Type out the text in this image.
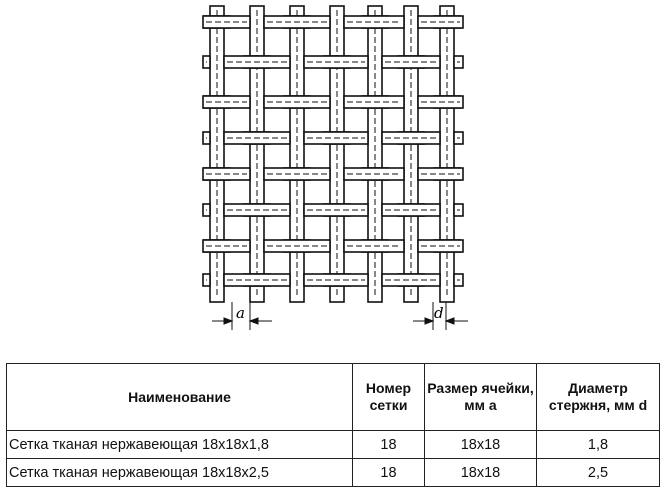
a	d
Наименование	Номер сетки	Размер ячейки, мм a	Диаметр стержня, мм d
Сетка тканая нержавеющая 18х18х1,8	18	18х18	1,8
Сетка тканая нержавеющая 18х18х2,5	18	18х18	2,5
